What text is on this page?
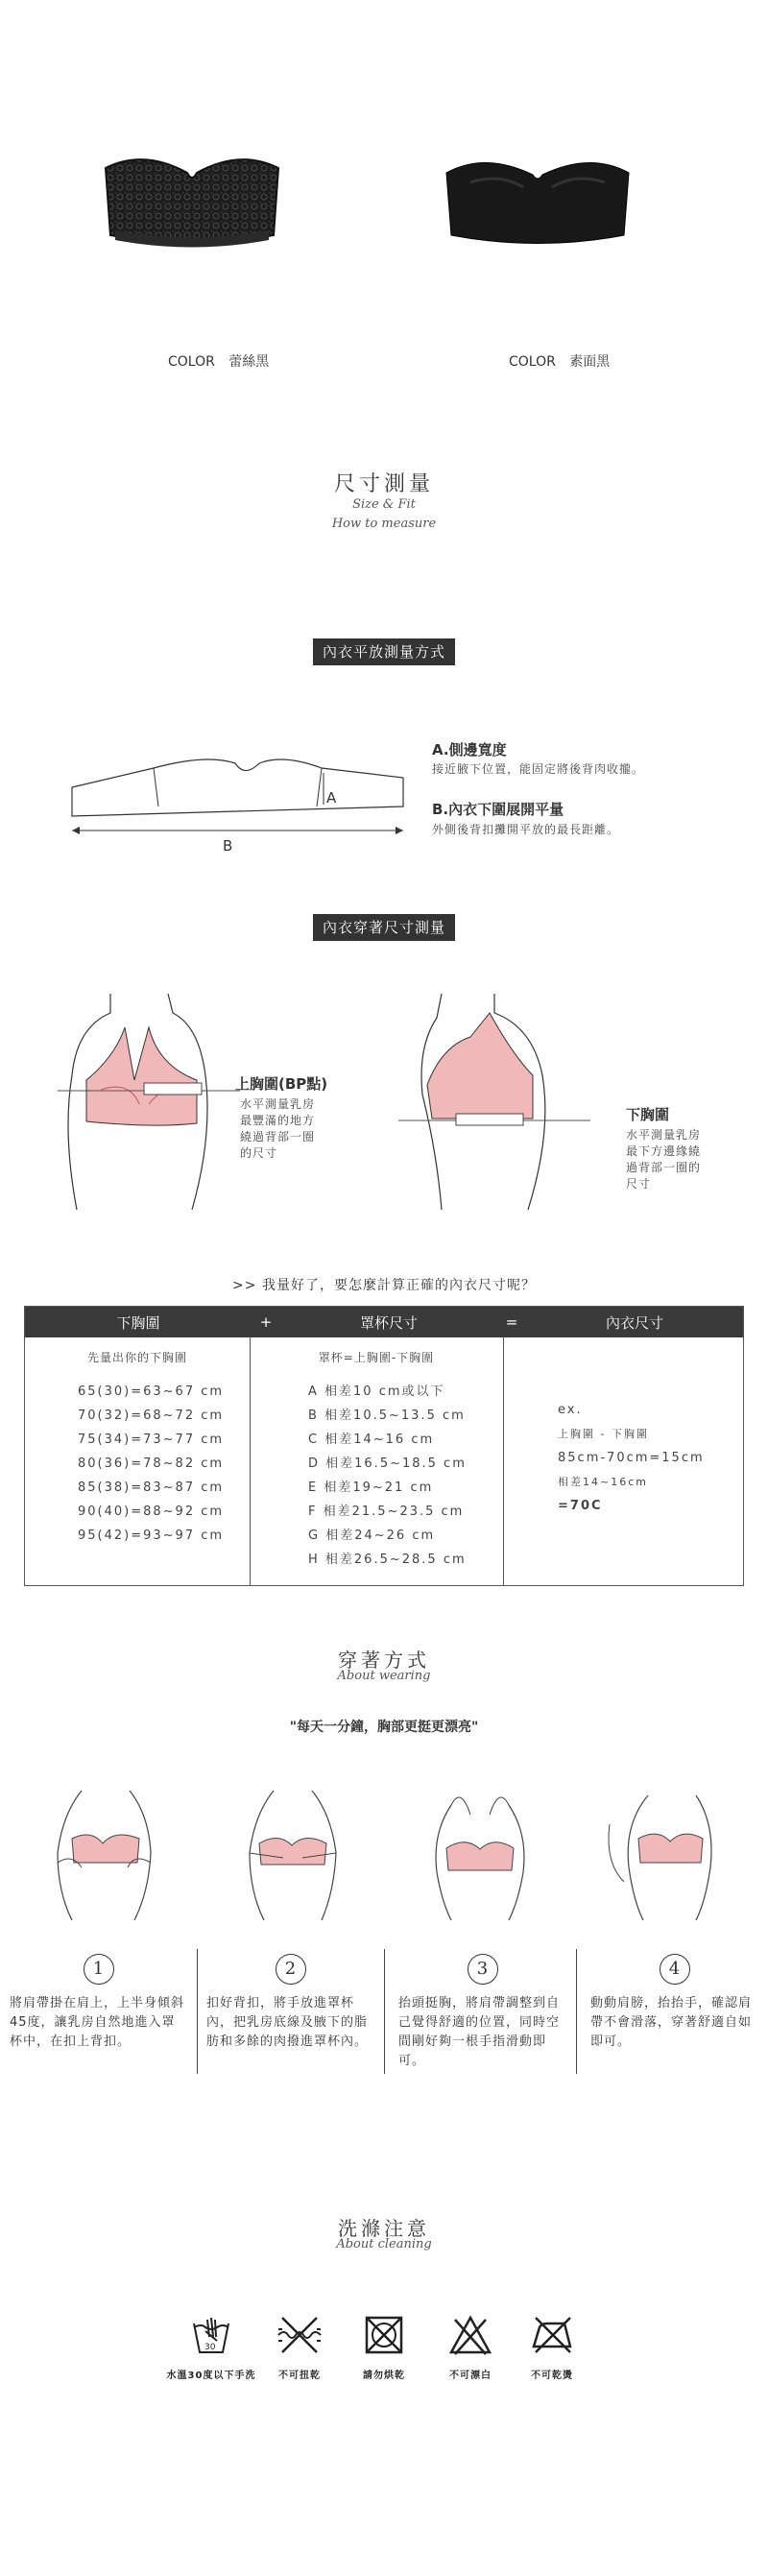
COLOR 蕾絲黑	COLOR 素面黑
尺寸測量
Size & Fit
How to measure
內衣平放測量方式
A
B
A.側邊寬度
接近腋下位置，能固定將後背肉收攏。
B.內衣下圍展開平量
外側後背扣攤開平放的最長距離。
內衣穿著尺寸測量
上胸圍(BP點)
水平測量乳房
最豐滿的地方
繞過背部一圈
的尺寸
下胸圍
水平測量乳房
最下方邊緣繞
過背部一圈的
尺寸
>> 我量好了，要怎麼計算正確的內衣尺寸呢？
下胸圍	+	罩杯尺寸	=	內衣尺寸
先量出你的下胸圍
65(30)=63~67 cm
70(32)=68~72 cm
75(34)=73~77 cm
80(36)=78~82 cm
85(38)=83~87 cm
90(40)=88~92 cm
95(42)=93~97 cm
罩杯=上胸圍-下胸圍
A 相差10 cm或以下
B 相差10.5~13.5 cm
C 相差14~16 cm
D 相差16.5~18.5 cm
E 相差19~21 cm
F 相差21.5~23.5 cm
G 相差24~26 cm
H 相差26.5~28.5 cm
ex.
上胸圍 - 下胸圍
85cm-70cm=15cm
相差14~16cm
=70C
穿著方式
About wearing
"每天一分鐘，胸部更挺更漂亮"
1
將肩帶掛在肩上，上半身傾斜45度，讓乳房自然地進入罩杯中，在扣上背扣。
2
扣好背扣，將手放進罩杯內，把乳房底線及腋下的脂肪和多餘的肉撥進罩杯內。
3
抬頭挺胸，將肩帶調整到自己覺得舒適的位置，同時空間剛好夠一根手指滑動即可。
4
動動肩膀，抬抬手，確認肩帶不會滑落，穿著舒適自如即可。
洗滌注意
About cleaning
30
水溫30度以下手洗	不可扭乾	請勿烘乾	不可漂白	不可乾燙
